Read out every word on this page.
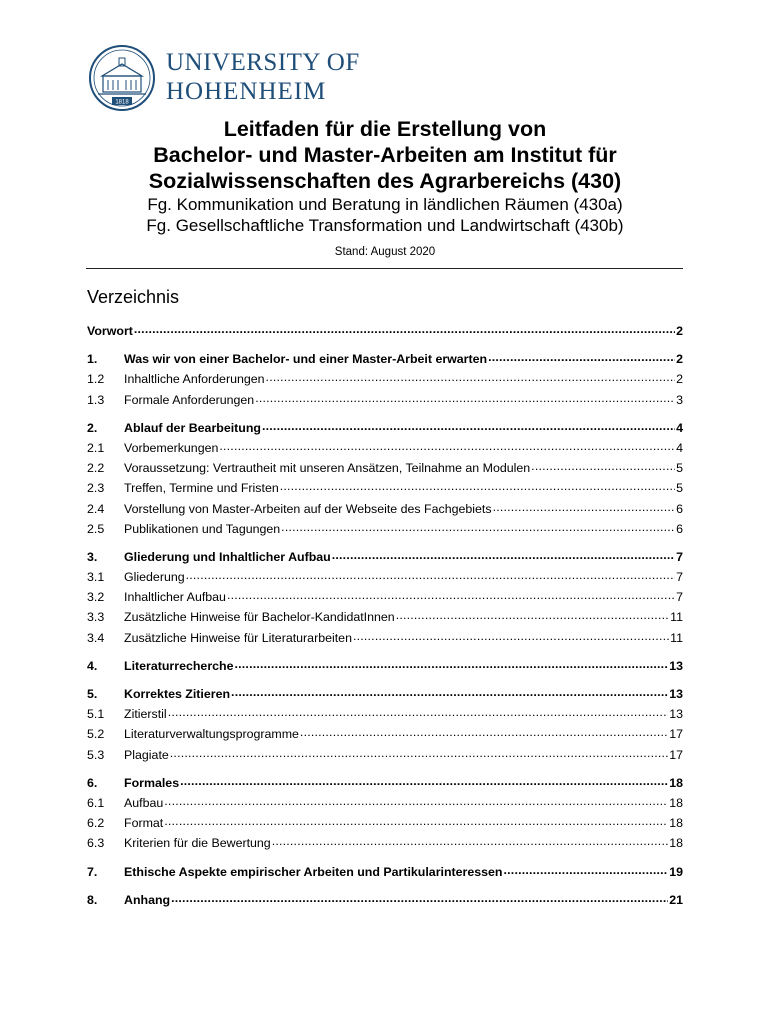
1818
UNIVERSITY OF
HOHENHEIM
Leitfaden für die Erstellung von
Bachelor- und Master-Arbeiten am Institut für
Sozialwissenschaften des Agrarbereichs (430)
Fg. Kommunikation und Beratung in ländlichen Räumen (430a)
Fg. Gesellschaftliche Transformation und Landwirtschaft (430b)
Stand: August 2020
Verzeichnis
Vorwort .....	2
1.	Was wir von einer Bachelor- und einer Master-Arbeit erwarten .....	2
1.2	Inhaltliche Anforderungen .....	2
1.3	Formale Anforderungen .....	3
2.	Ablauf der Bearbeitung .....	4
2.1	Vorbemerkungen .....	4
2.2	Voraussetzung: Vertrautheit mit unseren Ansätzen, Teilnahme an Modulen .....	5
2.3	Treffen, Termine und Fristen .....	5
2.4	Vorstellung von Master-Arbeiten auf der Webseite des Fachgebiets .....	6
2.5	Publikationen und Tagungen .....	6
3.	Gliederung und Inhaltlicher Aufbau .....	7
3.1	Gliederung .....	7
3.2	Inhaltlicher Aufbau .....	7
3.3	Zusätzliche Hinweise für Bachelor-KandidatInnen .....	11
3.4	Zusätzliche Hinweise für Literaturarbeiten .....	11
4.	Literaturrecherche .....	13
5.	Korrektes Zitieren .....	13
5.1	Zitierstil .....	13
5.2	Literaturverwaltungsprogramme .....	17
5.3	Plagiate .....	17
6.	Formales .....	18
6.1	Aufbau .....	18
6.2	Format .....	18
6.3	Kriterien für die Bewertung .....	18
7.	Ethische Aspekte empirischer Arbeiten und Partikularinteressen .....	19
8.	Anhang .....	21
